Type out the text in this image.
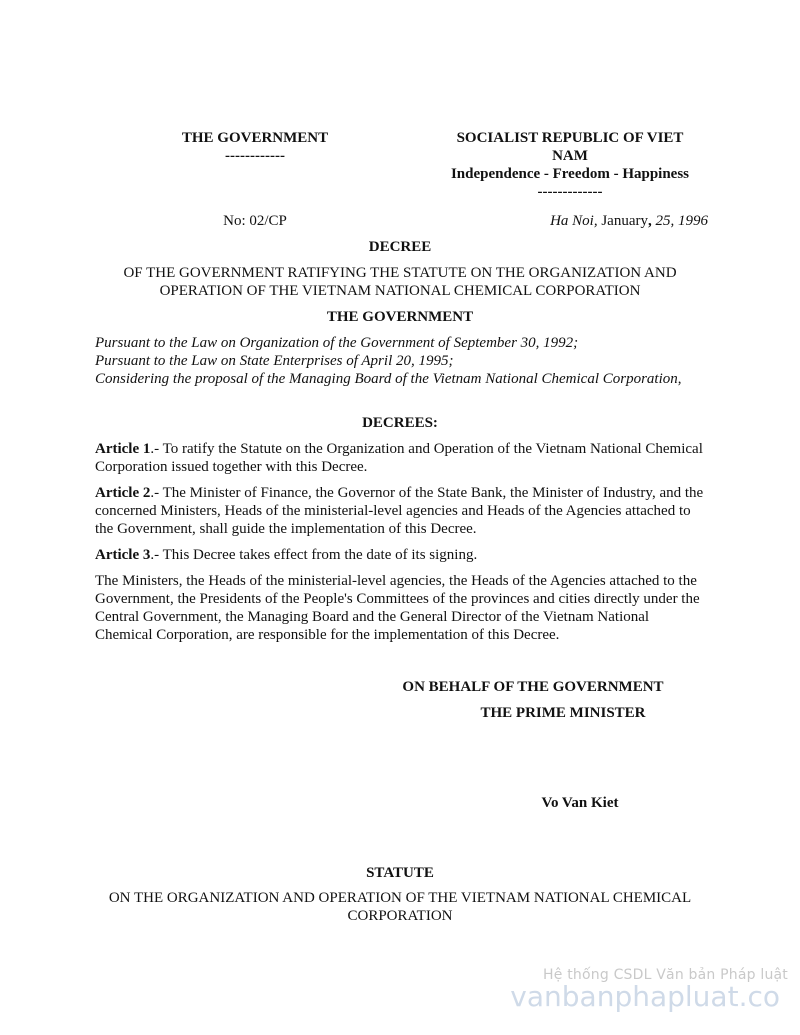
THE GOVERNMENT
------------
SOCIALIST REPUBLIC OF VIET
NAM
Independence - Freedom - Happiness
-------------
No: 02/CP	Ha Noi, January, 25, 1996
DECREE
OF THE GOVERNMENT RATIFYING THE STATUTE ON THE ORGANIZATION AND OPERATION OF THE VIETNAM NATIONAL CHEMICAL CORPORATION
THE GOVERNMENT
Pursuant to the Law on Organization of the Government of September 30, 1992;
Pursuant to the Law on State Enterprises of April 20, 1995;
Considering the proposal of the Managing Board of the Vietnam National Chemical Corporation,
DECREES:

Article 1.- To ratify the Statute on the Organization and Operation of the Vietnam National Chemical Corporation issued together with this Decree.

Article 2.- The Minister of Finance, the Governor of the State Bank, the Minister of Industry, and the concerned Ministers, Heads of the ministerial-level agencies and Heads of the Agencies attached to the Government, shall guide the implementation of this Decree.

Article 3.- This Decree takes effect from the date of its signing.

The Ministers, the Heads of the ministerial-level agencies, the Heads of the Agencies attached to the Government, the Presidents of the People's Committees of the provinces and cities directly under the Central Government, the Managing Board and the General Director of the Vietnam National Chemical Corporation, are responsible for the implementation of this Decree.

ON BEHALF OF THE GOVERNMENT
THE PRIME MINISTER
Vo Van Kiet
STATUTE
ON THE ORGANIZATION AND OPERATION OF THE VIETNAM NATIONAL CHEMICAL CORPORATION
Hệ thống CSDL Văn bản Pháp luật
vanbanphapluat.co
